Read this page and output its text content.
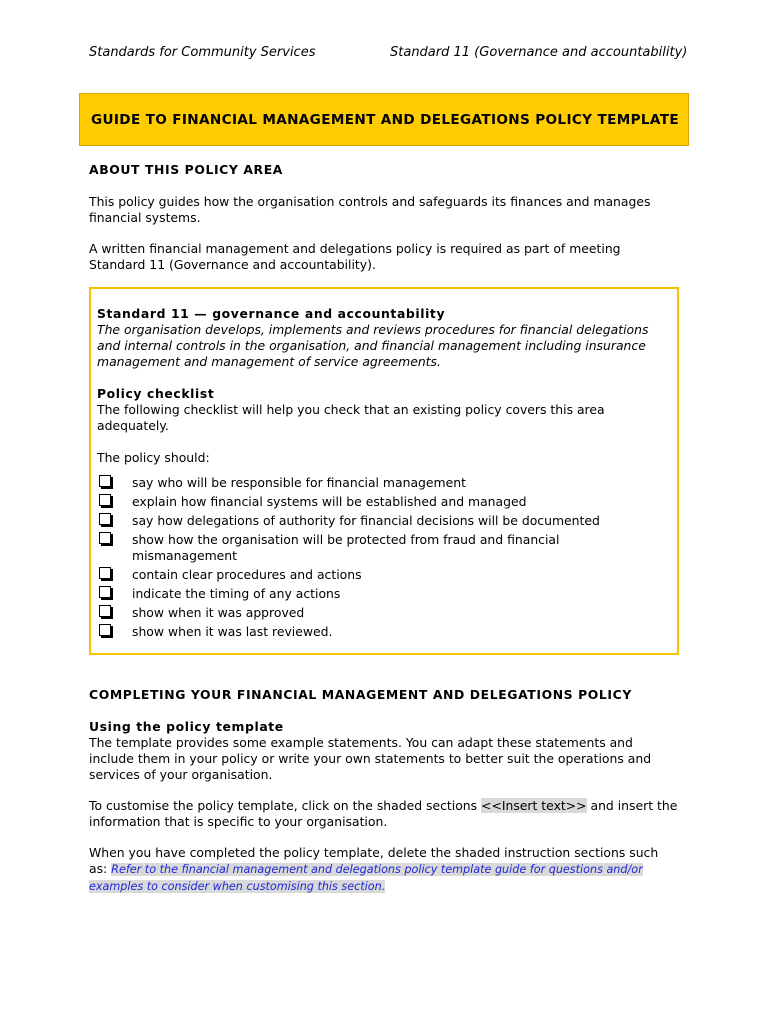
Standards for Community Services	Standard 11 (Governance and accountability)
GUIDE TO FINANCIAL MANAGEMENT AND DELEGATIONS POLICY TEMPLATE
ABOUT THIS POLICY AREA

This policy guides how the organisation controls and safeguards its finances and manages financial systems.

A written financial management and delegations policy is required as part of meeting Standard 11 (Governance and accountability).

Standard 11 — governance and accountability
The organisation develops, implements and reviews procedures for financial delegations and internal controls in the organisation, and financial management including insurance management and management of service agreements.
Policy checklist
The following checklist will help you check that an existing policy covers this area adequately.
The policy should:
say who will be responsible for financial management
explain how financial systems will be established and managed
say how delegations of authority for financial decisions will be documented
show how the organisation will be protected from fraud and financial mismanagement
contain clear procedures and actions
indicate the timing of any actions
show when it was approved
show when it was last reviewed.
COMPLETING YOUR FINANCIAL MANAGEMENT AND DELEGATIONS POLICY
Using the policy template

The template provides some example statements. You can adapt these statements and include them in your policy or write your own statements to better suit the operations and services of your organisation.

To customise the policy template, click on the shaded sections <<Insert text>> and insert the information that is specific to your organisation.

When you have completed the policy template, delete the shaded instruction sections such as: Refer to the financial management and delegations policy template guide for questions and/or examples to consider when customising this section.
